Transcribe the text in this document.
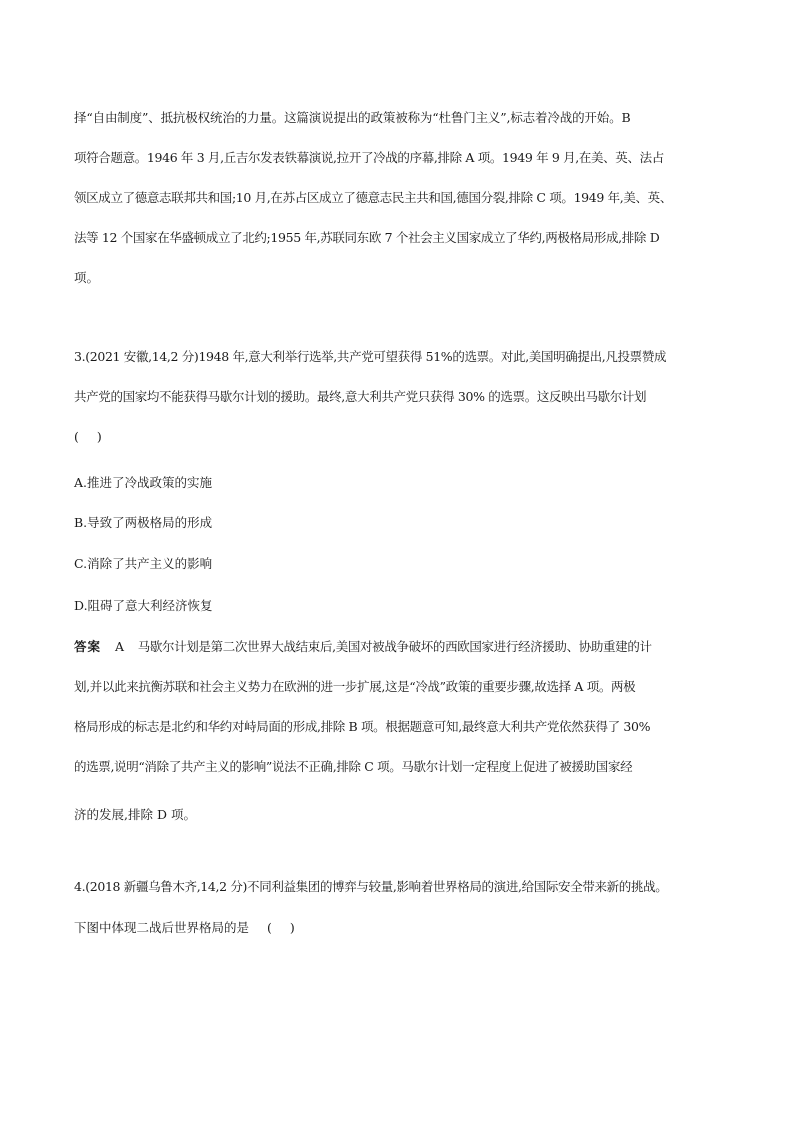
择“自由制度”、抵抗极权统治的力量。这篇演说提出的政策被称为“杜鲁门主义”,标志着冷战的开始。B
项符合题意。1946 年 3 月,丘吉尔发表铁幕演说,拉开了冷战的序幕,排除 A 项。1949 年 9 月,在美、英、法占
领区成立了德意志联邦共和国;10 月,在苏占区成立了德意志民主共和国,德国分裂,排除 C 项。1949 年,美、英、
法等 12 个国家在华盛顿成立了北约;1955 年,苏联同东欧 7 个社会主义国家成立了华约,两极格局形成,排除 D
项。
3.(2021 安徽,14,2 分)1948 年,意大利举行选举,共产党可望获得 51%的选票。对此,美国明确提出,凡投票赞成
共产党的国家均不能获得马歇尔计划的援助。最终,意大利共产党只获得 30% 的选票。这反映出马歇尔计划
( )
A.推进了冷战政策的实施
B.导致了两极格局的形成
C.消除了共产主义的影响
D.阻碍了意大利经济恢复
答案 A 马歇尔计划是第二次世界大战结束后,美国对被战争破坏的西欧国家进行经济援助、协助重建的计
划,并以此来抗衡苏联和社会主义势力在欧洲的进一步扩展,这是“冷战”政策的重要步骤,故选择 A 项。两极
格局形成的标志是北约和华约对峙局面的形成,排除 B 项。根据题意可知,最终意大利共产党依然获得了 30%
的选票,说明“消除了共产主义的影响”说法不正确,排除 C 项。马歇尔计划一定程度上促进了被援助国家经
济的发展,排除 D 项。
4.(2018 新疆乌鲁木齐,14,2 分)不同利益集团的博弈与较量,影响着世界格局的演进,给国际安全带来新的挑战。
下图中体现二战后世界格局的是 ( )
